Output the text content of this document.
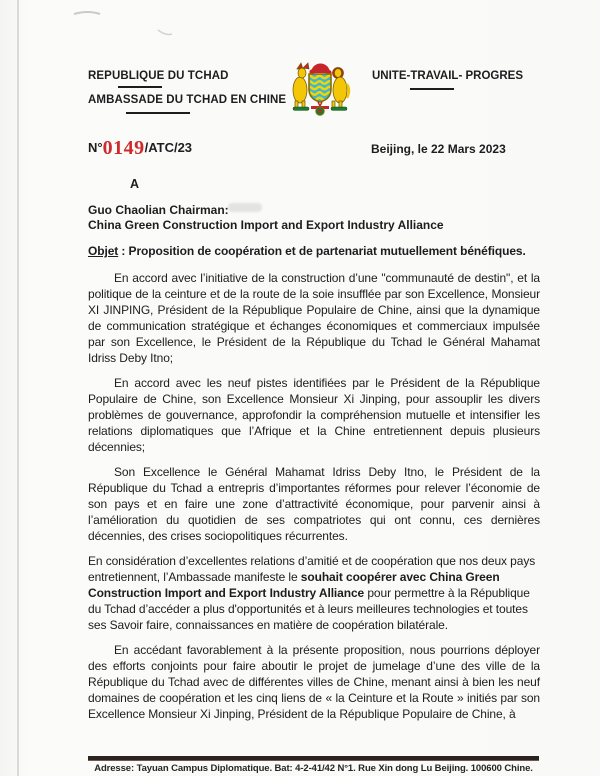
REPUBLIQUE DU TCHAD
AMBASSADE DU TCHAD EN CHINE
UNITE-TRAVAIL- PROGRES
N°0149/ATC/23	Beijing, le 22 Mars 2023
A
Guo Chaolian Chairman:
China Green Construction Import and Export Industry Alliance
Objet : Proposition de coopération et de partenariat mutuellement bénéfiques.

En accord avec l’initiative de la construction d’une "communauté de destin", et la politique de la ceinture et de la route de la soie insufflée par son Excellence, Monsieur XI JINPING, Président de la République Populaire de Chine, ainsi que la dynamique de communication stratégique et échanges économiques et commerciaux impulsée par son Excellence, le Président de la République du Tchad le Général Mahamat Idriss Deby Itno;

En accord avec les neuf pistes identifiées par le Président de la République Populaire de Chine, son Excellence Monsieur Xi Jinping, pour assouplir les divers problèmes de gouvernance, approfondir la compréhension mutuelle et intensifier les relations diplomatiques que l’Afrique et la Chine entretiennent depuis plusieurs décennies;

Son Excellence le Général Mahamat Idriss Deby Itno, le Président de la République du Tchad a entrepris d’importantes réformes pour relever l’économie de son pays et en faire une zone d’attractivité économique, pour parvenir ainsi à l’amélioration du quotidien de ses compatriotes qui ont connu, ces dernières décennies, des crises sociopolitiques récurrentes.

En considération d’excellentes relations d’amitié et de coopération que nos deux pays entretiennent, l’Ambassade manifeste le souhait coopérer avec China Green Construction Import and Export Industry Alliance pour permettre à la République du Tchad d’accéder a plus d'opportunités et à leurs meilleures technologies et toutes ses Savoir faire, connaissances en matière de coopération bilatérale.

En accédant favorablement à la présente proposition, nous pourrions déployer des efforts conjoints pour faire aboutir le projet de jumelage d’une des ville de la République du Tchad avec de différentes villes de Chine, menant ainsi à bien les neuf domaines de coopération et les cinq liens de « la Ceinture et la Route » initiés par son Excellence Monsieur Xi Jinping, Président de la République Populaire de Chine, à

Adresse: Tayuan Campus Diplomatique. Bat: 4-2-41/42 N°1. Rue Xin dong Lu Beijing. 100600 Chine.
